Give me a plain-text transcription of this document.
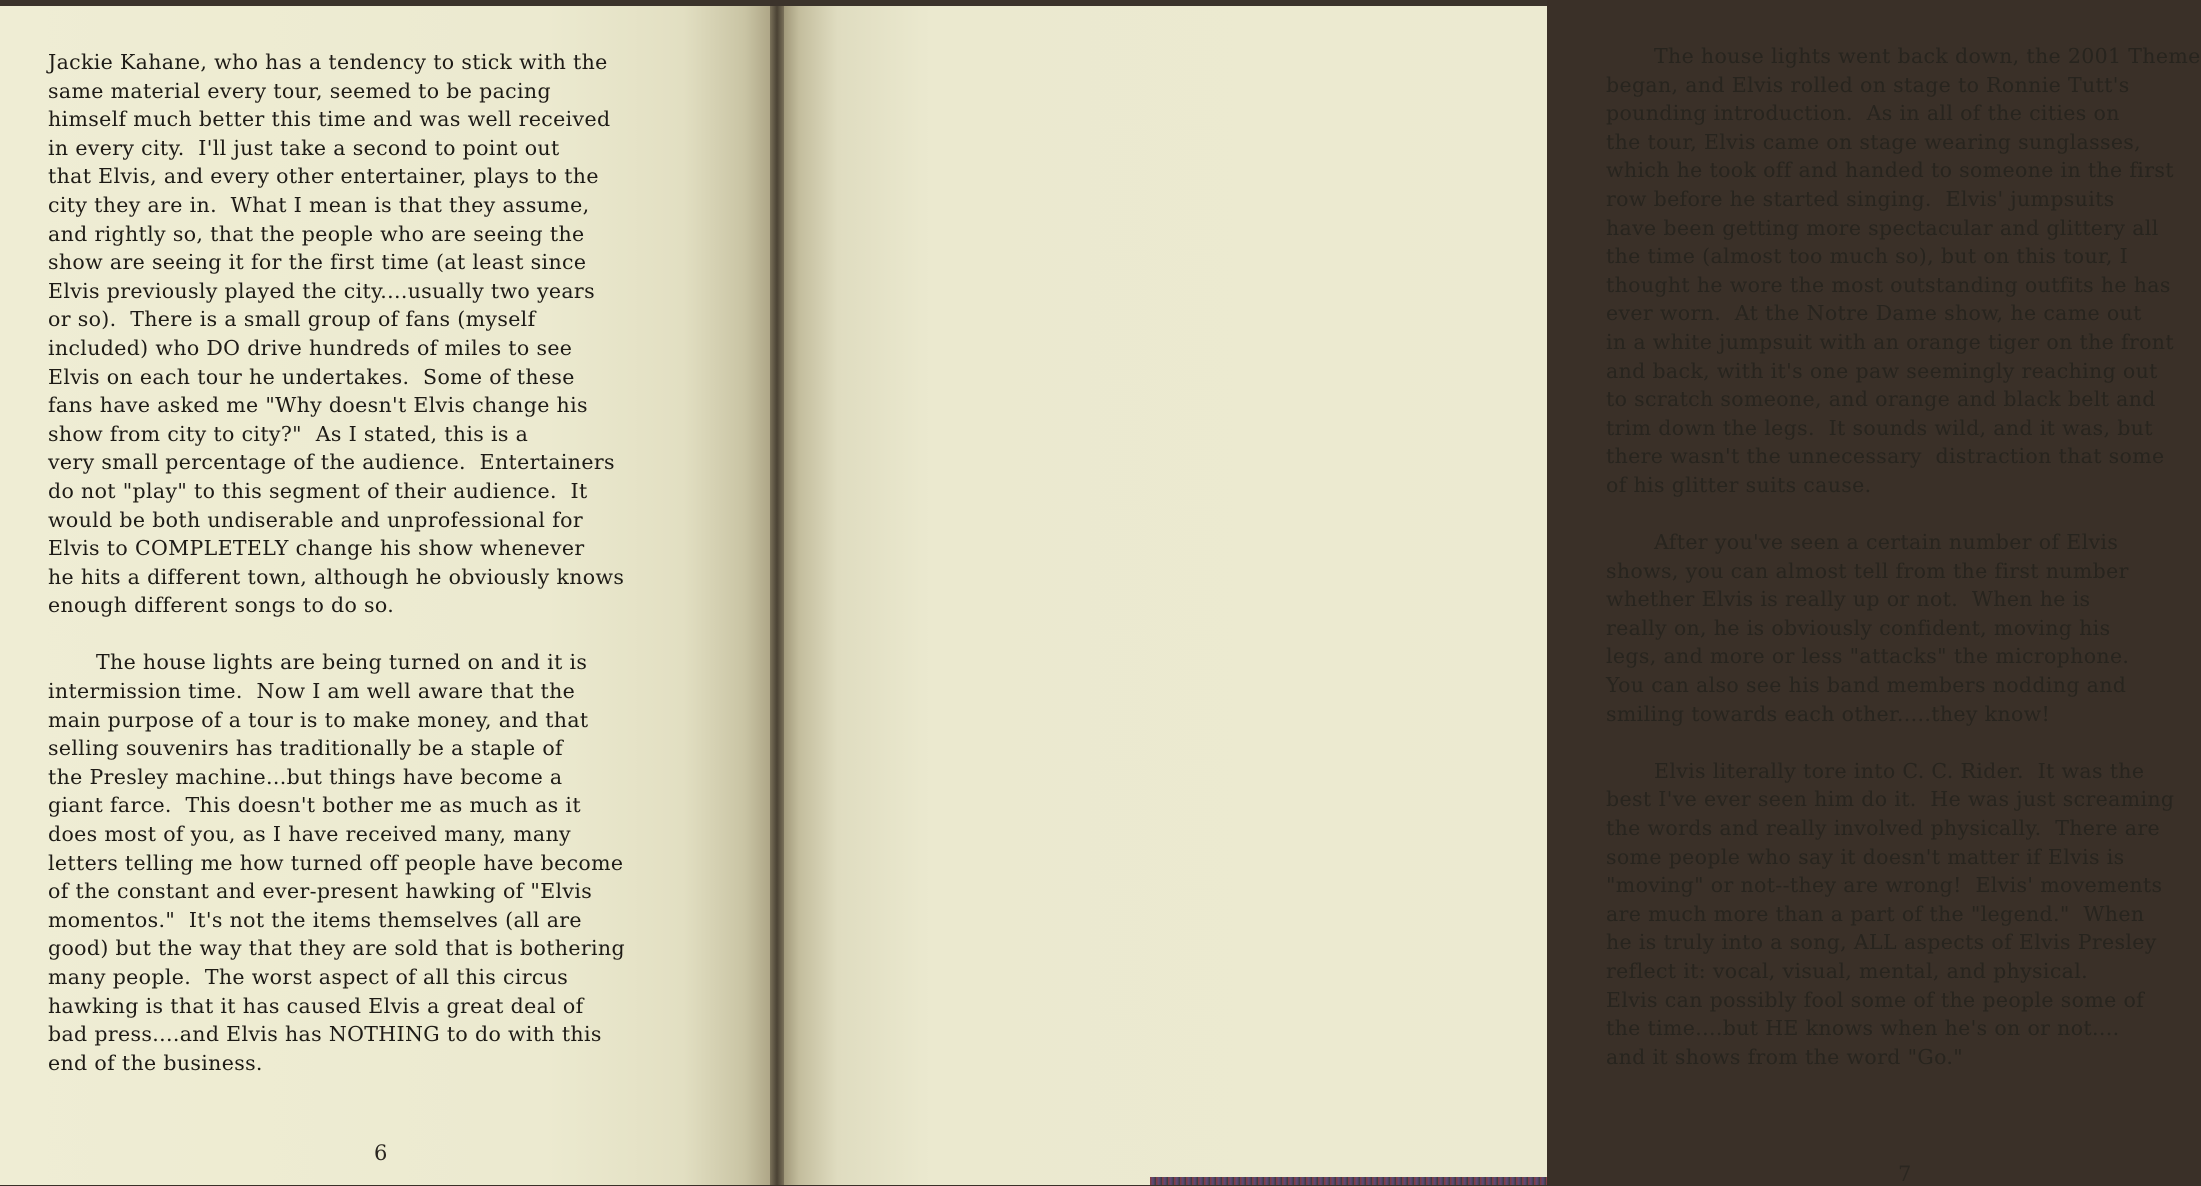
Jackie Kahane, who has a tendency to stick with the
same material every tour, seemed to be pacing
himself much better this time and was well received
in every city.  I'll just take a second to point out
that Elvis, and every other entertainer, plays to the
city they are in.  What I mean is that they assume,
and rightly so, that the people who are seeing the
show are seeing it for the first time (at least since
Elvis previously played the city....usually two years
or so).  There is a small group of fans (myself
included) who DO drive hundreds of miles to see
Elvis on each tour he undertakes.  Some of these
fans have asked me "Why doesn't Elvis change his
show from city to city?"  As I stated, this is a
very small percentage of the audience.  Entertainers
do not "play" to this segment of their audience.  It
would be both undiserable and unprofessional for
Elvis to COMPLETELY change his show whenever
he hits a different town, although he obviously knows
enough different songs to do so.
The house lights are being turned on and it is
intermission time.  Now I am well aware that the
main purpose of a tour is to make money, and that
selling souvenirs has traditionally be a staple of
the Presley machine...but things have become a
giant farce.  This doesn't bother me as much as it
does most of you, as I have received many, many
letters telling me how turned off people have become
of the constant and ever-present hawking of "Elvis
momentos."  It's not the items themselves (all are
good) but the way that they are sold that is bothering
many people.  The worst aspect of all this circus
hawking is that it has caused Elvis a great deal of
bad press....and Elvis has NOTHING to do with this
end of the business.
6
The house lights went back down, the 2001 Theme
began, and Elvis rolled on stage to Ronnie Tutt's
pounding introduction.  As in all of the cities on
the tour, Elvis came on stage wearing sunglasses,
which he took off and handed to someone in the first
row before he started singing.  Elvis' jumpsuits
have been getting more spectacular and glittery all
the time (almost too much so), but on this tour, I
thought he wore the most outstanding outfits he has
ever worn.  At the Notre Dame show, he came out
in a white jumpsuit with an orange tiger on the front
and back, with it's one paw seemingly reaching out
to scratch someone, and orange and black belt and
trim down the legs.  It sounds wild, and it was, but
there wasn't the unnecessary  distraction that some
of his glitter suits cause.
After you've seen a certain number of Elvis
shows, you can almost tell from the first number
whether Elvis is really up or not.  When he is
really on, he is obviously confident, moving his
legs, and more or less "attacks" the microphone.
You can also see his band members nodding and
smiling towards each other.....they know!
Elvis literally tore into C. C. Rider.  It was the
best I've ever seen him do it.  He was just screaming
the words and really involved physically.  There are
some people who say it doesn't matter if Elvis is
"moving" or not--they are wrong!  Elvis' movements
are much more than a part of the "legend."  When
he is truly into a song, ALL aspects of Elvis Presley
reflect it: vocal, visual, mental, and physical.
Elvis can possibly fool some of the people some of
the time....but HE knows when he's on or not....
and it shows from the word "Go."
7
